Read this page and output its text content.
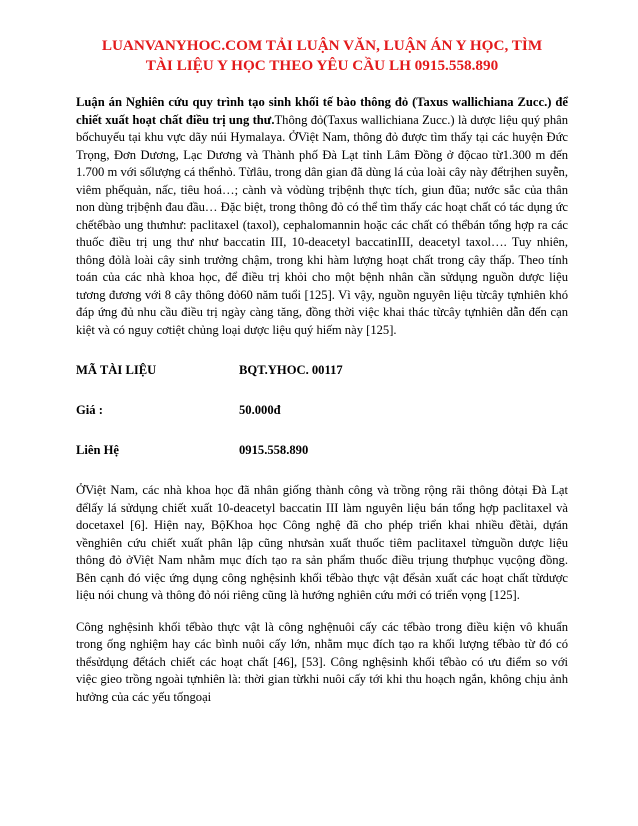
LUANVANYHOC.COM TẢI LUẬN VĂN, LUẬN ÁN Y HỌC, TÌM
TÀI LIỆU Y HỌC THEO YÊU CẦU LH 0915.558.890

Luận án Nghiên cứu quy trình tạo sinh khối tế bào thông đỏ (Taxus wallichiana Zucc.) để chiết xuất hoạt chất điều trị ung thư.Thông đỏ(Taxus wallichiana Zucc.) là dược liệu quý phân bốchuyếu tại khu vực dãy núi Hymalaya. ỞViệt Nam, thông đỏ được tìm thấy tại các huyện Đức Trọng, Đơn Dương, Lạc Dương và Thành phố Đà Lạt tỉnh Lâm Đồng ở độcao từ1.300 m đến 1.700 m với sốlượng cá thểnhỏ. Từlâu, trong dân gian đã dùng lá của loài cây này đểtrịhen suyễn, viêm phếquản, nấc, tiêu hoá…; cành và vỏdùng trịbệnh thực tích, giun đũa; nước sắc của thân non dùng trịbệnh đau đầu… Đặc biệt, trong thông đỏ có thể tìm thấy các hoạt chất có tác dụng ức chếtếbào ung thưnhư: paclitaxel (taxol), cephalomannin hoặc các chất có thểbán tổng hợp ra các thuốc điều trị ung thư như baccatin III, 10-deacetyl baccatinIII, deacetyl taxol…. Tuy nhiên, thông đỏlà loài cây sinh trưởng chậm, trong khi hàm lượng hoạt chất trong cây thấp. Theo tính toán của các nhà khoa học, để điều trị khỏi cho một bệnh nhân cần sửdụng nguồn dược liệu tương đương với 8 cây thông đỏ60 năm tuổi [125]. Vì vậy, nguồn nguyên liệu từcây tựnhiên khó đáp ứng đủ nhu cầu điều trị ngày càng tăng, đồng thời việc khai thác từcây tựnhiên dẫn đến cạn kiệt và có nguy cơtiệt chủng loại dược liệu quý hiếm này [125].

MÃ TÀI LIỆU	BQT.YHOC. 00117
Giá :	50.000đ
Liên Hệ	0915.558.890

ỞViệt Nam, các nhà khoa học đã nhân giống thành công và trồng rộng rãi thông đỏtại Đà Lạt đểlấy lá sửdụng chiết xuất 10-deacetyl baccatin III làm nguyên liệu bán tổng hợp paclitaxel và docetaxel [6]. Hiện nay, BộKhoa học Công nghệ đã cho phép triển khai nhiều đềtài, dựán vềnghiên cứu chiết xuất phân lập cũng nhưsản xuất thuốc tiêm paclitaxel từnguồn dược liệu thông đỏ ởViệt Nam nhằm mục đích tạo ra sản phẩm thuốc điều trịung thưphục vụcộng đồng. Bên cạnh đó việc ứng dụng công nghệsinh khối tếbào thực vật đểsản xuất các hoạt chất từdược liệu nói chung và thông đỏ nói riêng cũng là hướng nghiên cứu mới có triển vọng [125].

Công nghệsinh khối tếbào thực vật là công nghệnuôi cấy các tếbào trong điều kiện vô khuẩn trong ống nghiệm hay các bình nuôi cấy lớn, nhằm mục đích tạo ra khối lượng tếbào từ đó có thểsửdụng đểtách chiết các hoạt chất [46], [53]. Công nghệsinh khối tếbào có ưu điểm so với việc gieo trồng ngoài tựnhiên là: thời gian từkhi nuôi cấy tới khi thu hoạch ngắn, không chịu ảnh hưởng của các yếu tốngoại
